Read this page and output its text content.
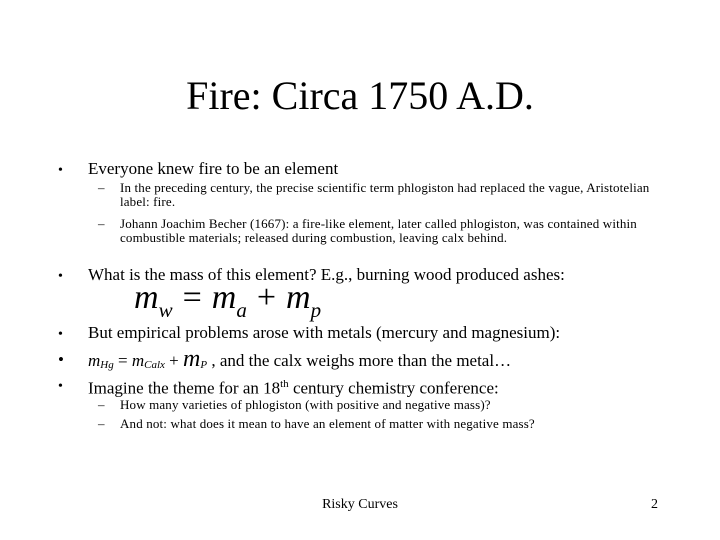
Fire: Circa 1750 A.D.
• Everyone knew fire to be an element
–	In the preceding century, the precise scientific term phlogiston had replaced the vague, Aristotelian label: fire.
–	Johann Joachim Becher (1667): a fire-like element, later called phlogiston, was contained within combustible materials; released during combustion, leaving calx behind.
• What is the mass of this element? E.g., burning wood produced ashes:
$m_w = m_a + m_p$
• But empirical problems arose with metals (mercury and magnesium):
• mHg = mCalx + mP , and the calx weighs more than the metal…
• Imagine the theme for an 18th century chemistry conference:
–	How many varieties of phlogiston (with positive and negative mass)?
–	And not: what does it mean to have an element of matter with negative mass?
Risky Curves	2
